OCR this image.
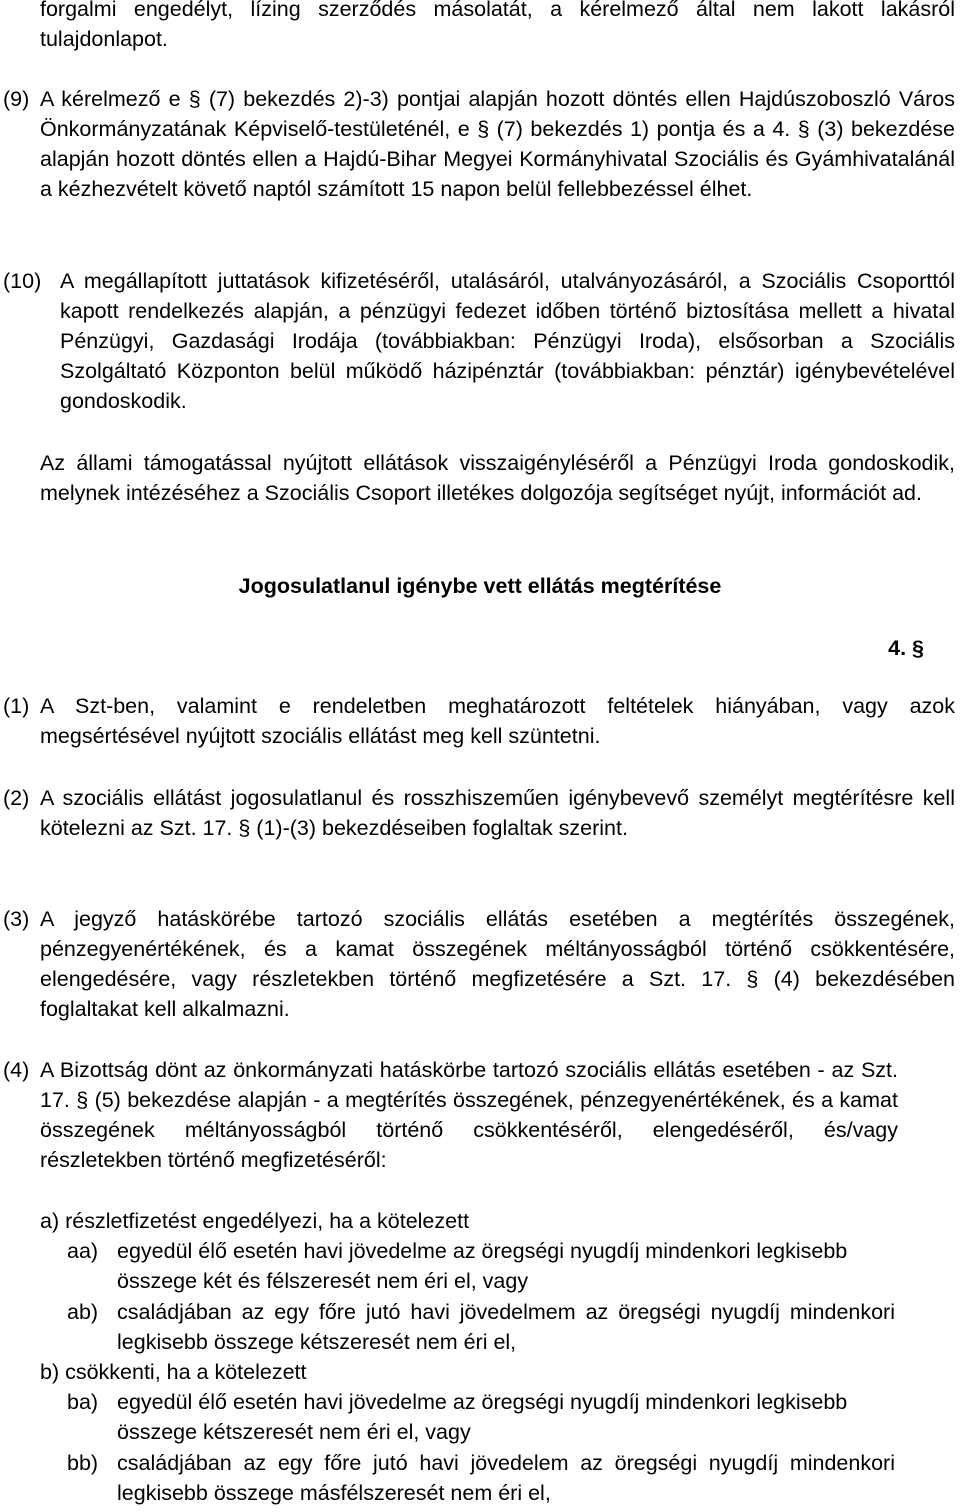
forgalmi engedélyt, lízing szerződés másolatát, a kérelmező által nem lakott lakásról tulajdonlapot.

(9) A kérelmező e § (7) bekezdés 2)-3) pontjai alapján hozott döntés ellen Hajdúszoboszló Város Önkormányzatának Képviselő-testületénél, e § (7) bekezdés 1) pontja és a 4. § (3) bekezdése alapján hozott döntés ellen a Hajdú-Bihar Megyei Kormányhivatal Szociális és Gyámhivatalánál a kézhezvételt követő naptól számított 15 napon belül fellebbezéssel élhet.
(10) A megállapított juttatások kifizetéséről, utalásáról, utalványozásáról, a Szociális Csoporttól kapott rendelkezés alapján, a pénzügyi fedezet időben történő biztosítása mellett a hivatal Pénzügyi, Gazdasági Irodája (továbbiakban: Pénzügyi Iroda), elsősorban a Szociális Szolgáltató Központon belül működő házipénztár (továbbiakban: pénztár) igénybevételével gondoskodik.

Az állami támogatással nyújtott ellátások visszaigényléséről a Pénzügyi Iroda gondoskodik, melynek intézéséhez a Szociális Csoport illetékes dolgozója segítséget nyújt, információt ad.

Jogosulatlanul igénybe vett ellátás megtérítése

4. §

(1) A Szt-ben, valamint e rendeletben meghatározott feltételek hiányában, vagy azok megsértésével nyújtott szociális ellátást meg kell szüntetni.
(2) A szociális ellátást jogosulatlanul és rosszhiszeműen igénybevevő személyt megtérítésre kell kötelezni az Szt. 17. § (1)-(3) bekezdéseiben foglaltak szerint.
(3) A jegyző hatáskörébe tartozó szociális ellátás esetében a megtérítés összegének, pénzegyenértékének, és a kamat összegének méltányosságból történő csökkentésére, elengedésére, vagy részletekben történő megfizetésére a Szt. 17. § (4) bekezdésében foglaltakat kell alkalmazni.
(4) A Bizottság dönt az önkormányzati hatáskörbe tartozó szociális ellátás esetében - az Szt. 17. § (5) bekezdése alapján - a megtérítés összegének, pénzegyenértékének, és a kamat összegének méltányosságból történő csökkentéséről, elengedéséről, és/vagy részletekben történő megfizetéséről:
a) részletfizetést engedélyezi, ha a kötelezett
aa) egyedül élő esetén havi jövedelme az öregségi nyugdíj mindenkori legkisebb összege két és félszeresét nem éri el, vagy
ab) családjában az egy főre jutó havi jövedelmem az öregségi nyugdíj mindenkori legkisebb összege kétszeresét nem éri el,
b) csökkenti, ha a kötelezett
ba) egyedül élő esetén havi jövedelme az öregségi nyugdíj mindenkori legkisebb összege kétszeresét nem éri el, vagy
bb) családjában az egy főre jutó havi jövedelem az öregségi nyugdíj mindenkori legkisebb összege másfélszeresét nem éri el,
